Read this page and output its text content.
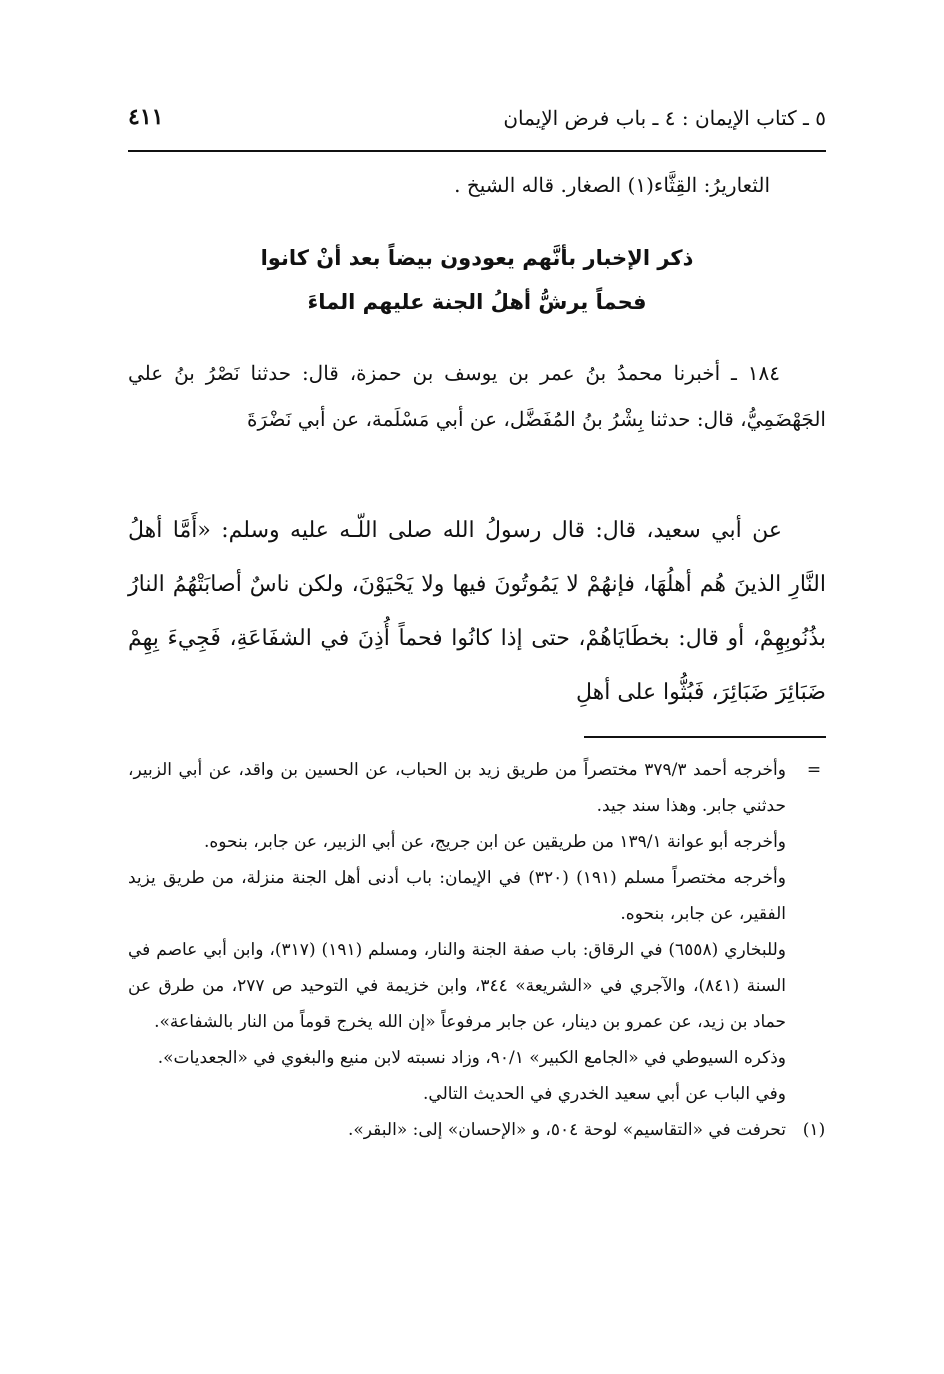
٥ ـ كتاب الإيمان : ٤ ـ باب فرض الإيمان
٤١١
الثعاريرُ: القِثَّاء(١) الصغار. قاله الشيخ .
ذكر الإخبار بأنَّهم يعودون بيضاً بعد أنْ كانوا
فحماً يرشُّ أهلُ الجنة عليهم الماءَ
١٨٤ ـ أخبرنا محمدُ بنُ عمر بن يوسف بن حمزة، قال: حدثنا نَصْرُ بنُ علي الجَهْضَمِيُّ، قال: حدثنا بِشْرُ بنُ المُفَضَّل، عن أبي مَسْلَمة، عن أبي نَضْرَةَ
عن أبي سعيد، قال: قال رسولُ الله صلى اللّـه عليه وسلم: «أَمَّا أهلُ النَّارِ الذينَ هُم أهلُهَا، فإنهُمْ لا يَمُوتُونَ فيها ولا يَحْيَوْنَ، ولكن ناسٌ أصابَتْهُمُ النارُ بذُنُوبِهِمْ، أو قال: بخطَايَاهُمْ، حتى إذا كانُوا فحماً أُذِنَ في الشفَاعَةِ، فَجِيءَ بِهِمْ ضَبَائِرَ ضَبَائِرَ، فَبُثُّوا على أهلِ
=
وأخرجه أحمد ٣٧٩/٣ مختصراً من طريق زيد بن الحباب، عن الحسين بن واقد، عن أبي الزبير، حدثني جابر. وهذا سند جيد.
وأخرجه أبو عوانة ١٣٩/١ من طريقين عن ابن جريج، عن أبي الزبير، عن جابر، بنحوه.
وأخرجه مختصراً مسلم (١٩١) (٣٢٠) في الإيمان: باب أدنى أهل الجنة منزلة، من طريق يزيد الفقير، عن جابر، بنحوه.
وللبخاري (٦٥٥٨) في الرقاق: باب صفة الجنة والنار، ومسلم (١٩١) (٣١٧)، وابن أبي عاصم في السنة (٨٤١)، والآجري في «الشريعة» ٣٤٤، وابن خزيمة في التوحيد ص ٢٧٧، من طرق عن حماد بن زيد، عن عمرو بن دينار، عن جابر مرفوعاً «إن الله يخرج قوماً من النار بالشفاعة».
وذكره السيوطي في «الجامع الكبير» ٩٠/١، وزاد نسبته لابن منيع والبغوي في «الجعديات».
وفي الباب عن أبي سعيد الخدري في الحديث التالي.
(١)
تحرفت في «التقاسيم» لوحة ٥٠٤، و «الإحسان» إلى: «البقر».
